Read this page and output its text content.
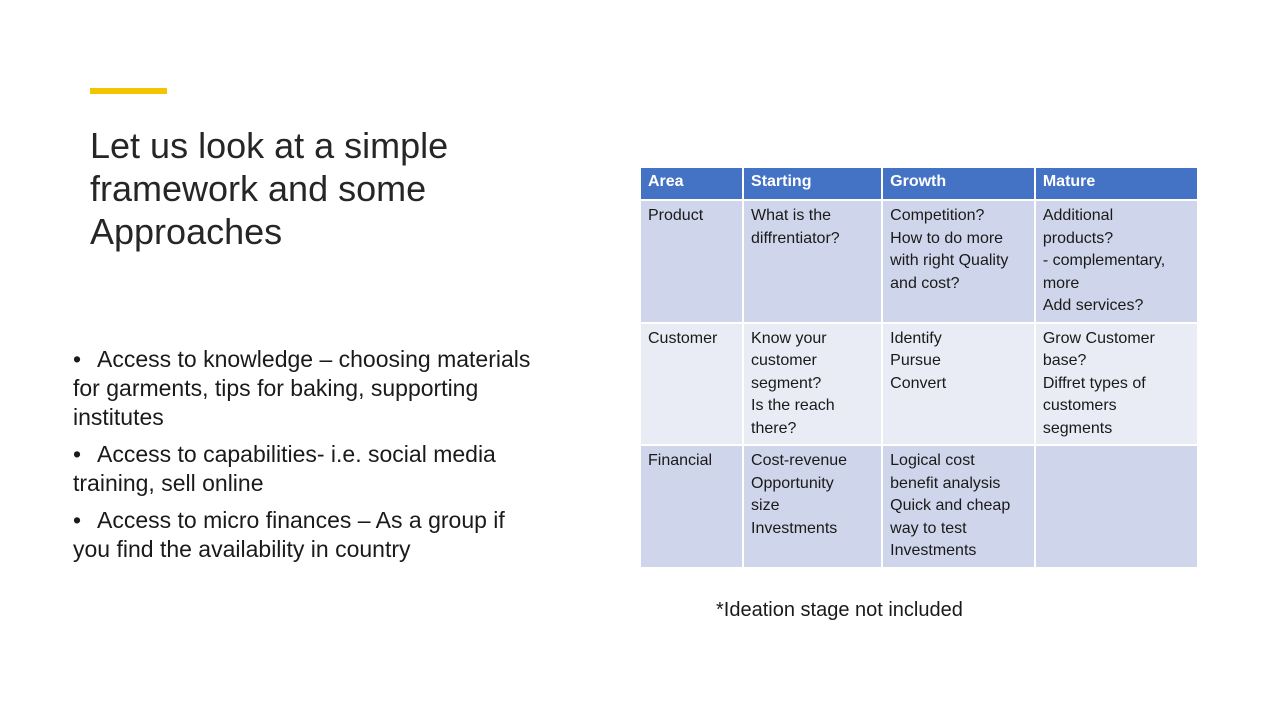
Let us look at a simple framework and some Approaches
• Access to knowledge – choosing materials for garments, tips for baking, supporting institutes
• Access to capabilities- i.e. social media training, sell online
• Access to micro finances – As a group if you find the availability in country
Area	Starting	Growth	Mature
Product	What is the
diffrentiator?	Competition?
How to do more
with right Quality
and cost?	Additional
products?
- complementary,
more
Add services?

Customer	Know your
customer
segment?
Is the reach
there?	Identify
Pursue
Convert	Grow Customer
base?
Diffret types of
customers
segments

Financial	Cost-revenue
Opportunity
size
Investments	Logical cost
benefit analysis
Quick and cheap
way to test
Investments	

*Ideation stage not included
